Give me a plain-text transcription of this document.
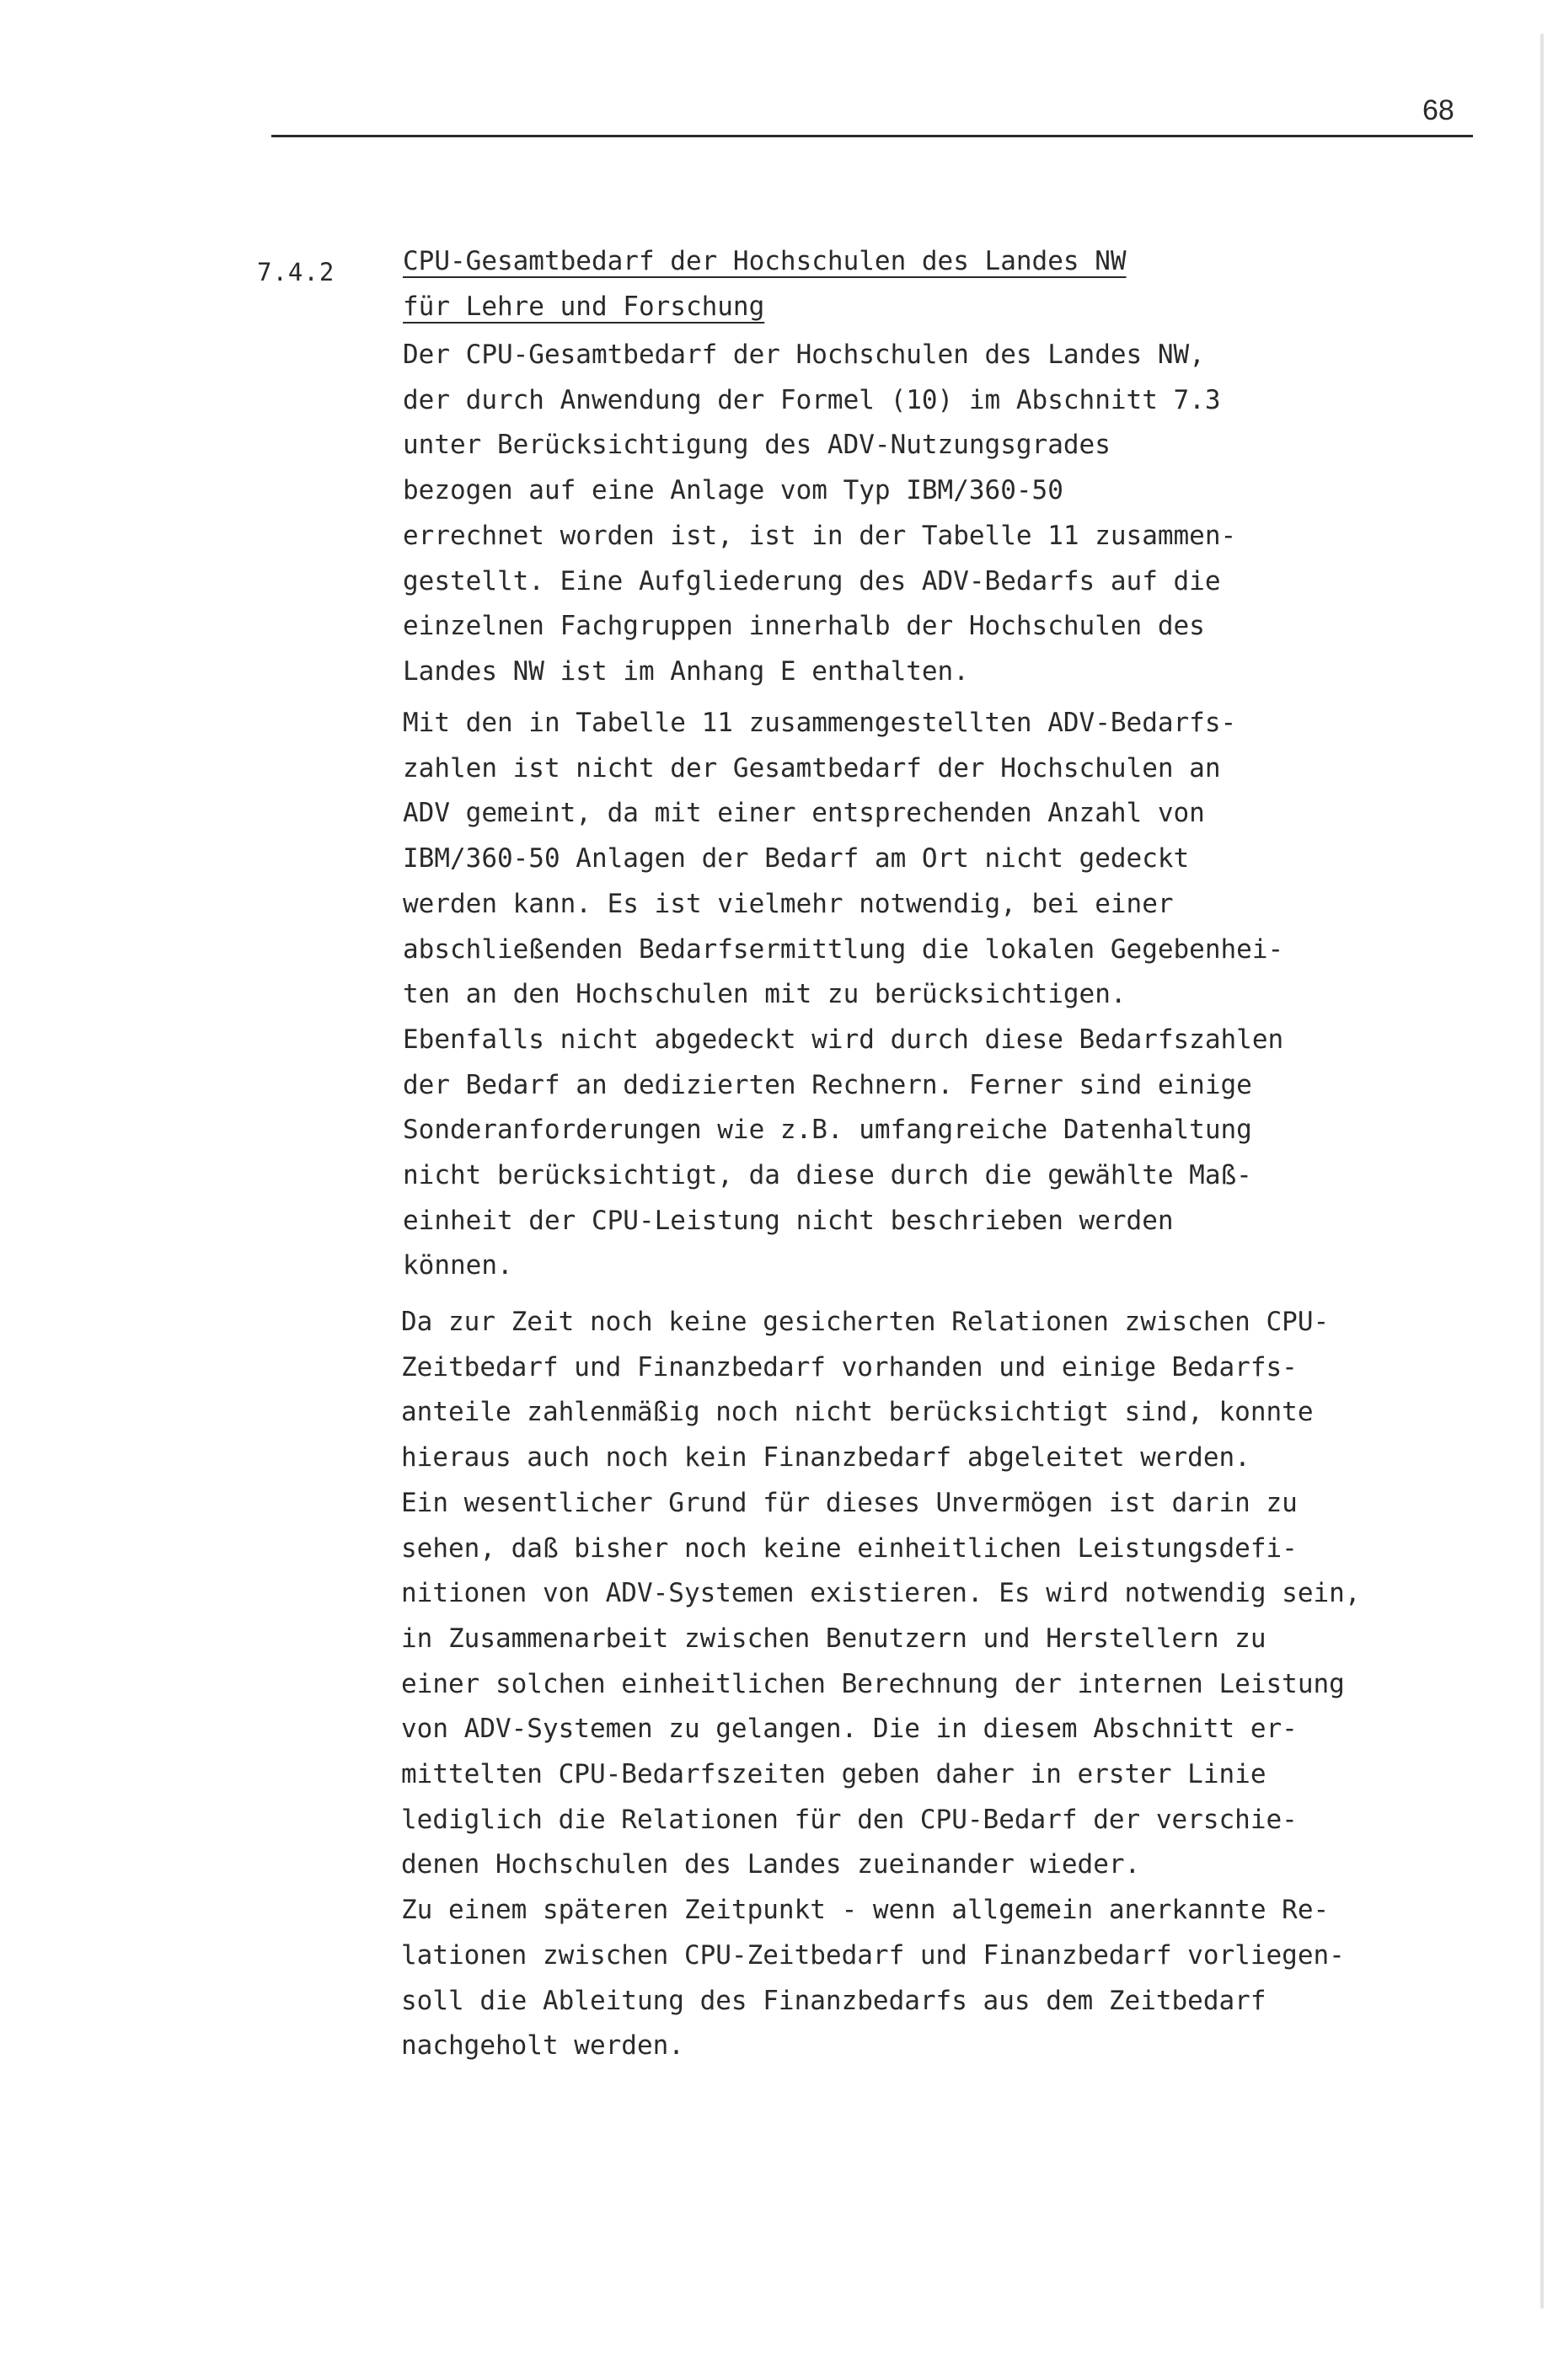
68
7.4.2	CPU-Gesamtbedarf der Hochschulen des Landes NW
für Lehre und Forschung
Der CPU-Gesamtbedarf der Hochschulen des Landes NW,
der durch Anwendung der Formel (10) im Abschnitt 7.3
unter Berücksichtigung des ADV-Nutzungsgrades
bezogen auf eine Anlage vom Typ IBM/360-50
errechnet worden ist, ist in der Tabelle 11 zusammen-
gestellt. Eine Aufgliederung des ADV-Bedarfs auf die
einzelnen Fachgruppen innerhalb der Hochschulen des
Landes NW ist im Anhang E enthalten.
Mit den in Tabelle 11 zusammengestellten ADV-Bedarfs-
zahlen ist nicht der Gesamtbedarf der Hochschulen an
ADV gemeint, da mit einer entsprechenden Anzahl von
IBM/360-50 Anlagen der Bedarf am Ort nicht gedeckt
werden kann. Es ist vielmehr notwendig, bei einer
abschließenden Bedarfsermittlung die lokalen Gegebenhei-
ten an den Hochschulen mit zu berücksichtigen.
Ebenfalls nicht abgedeckt wird durch diese Bedarfszahlen
der Bedarf an dedizierten Rechnern. Ferner sind einige
Sonderanforderungen wie z.B. umfangreiche Datenhaltung
nicht berücksichtigt, da diese durch die gewählte Maß-
einheit der CPU-Leistung nicht beschrieben werden
können.
Da zur Zeit noch keine gesicherten Relationen zwischen CPU-
Zeitbedarf und Finanzbedarf vorhanden und einige Bedarfs-
anteile zahlenmäßig noch nicht berücksichtigt sind, konnte
hieraus auch noch kein Finanzbedarf abgeleitet werden.
Ein wesentlicher Grund für dieses Unvermögen ist darin zu
sehen, daß bisher noch keine einheitlichen Leistungsdefi-
nitionen von ADV-Systemen existieren. Es wird notwendig sein,
in Zusammenarbeit zwischen Benutzern und Herstellern zu
einer solchen einheitlichen Berechnung der internen Leistung
von ADV-Systemen zu gelangen. Die in diesem Abschnitt er-
mittelten CPU-Bedarfszeiten geben daher in erster Linie
lediglich die Relationen für den CPU-Bedarf der verschie-
denen Hochschulen des Landes zueinander wieder.
Zu einem späteren Zeitpunkt - wenn allgemein anerkannte Re-
lationen zwischen CPU-Zeitbedarf und Finanzbedarf vorliegen-
soll die Ableitung des Finanzbedarfs aus dem Zeitbedarf
nachgeholt werden.
